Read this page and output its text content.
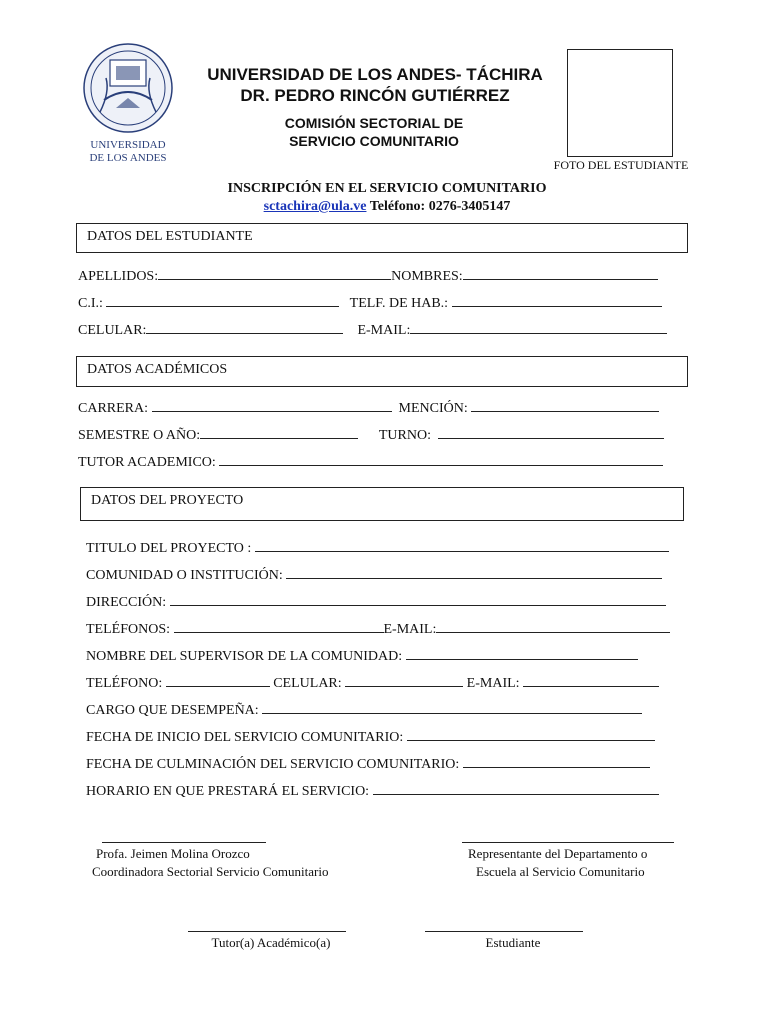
UNIVERSIDAD
DE LOS ANDES
UNIVERSIDAD DE LOS ANDES- TÁCHIRA
DR. PEDRO RINCÓN GUTIÉRREZ
COMISIÓN SECTORIAL DE
SERVICIO COMUNITARIO
FOTO DEL ESTUDIANTE
INSCRIPCIÓN EN EL SERVICIO COMUNITARIO
sctachira@ula.ve Teléfono: 0276-3405147
DATOS DEL ESTUDIANTE
APELLIDOS:	NOMBRES:
C.I.:	TELF. DE HAB.:
CELULAR:	E-MAIL:
DATOS ACADÉMICOS
CARRERA:	MENCIÓN:
SEMESTRE O AÑO:	TURNO:
TUTOR ACADEMICO:
DATOS DEL PROYECTO
TITULO DEL PROYECTO :
COMUNIDAD O INSTITUCIÓN:
DIRECCIÓN:
TELÉFONOS:	E-MAIL:
NOMBRE DEL SUPERVISOR DE LA COMUNIDAD:
TELÉFONO:	CELULAR:	E-MAIL:
CARGO QUE DESEMPEÑA:
FECHA DE INICIO DEL SERVICIO COMUNITARIO:
FECHA DE CULMINACIÓN DEL SERVICIO COMUNITARIO:
HORARIO EN QUE PRESTARÁ EL SERVICIO:
Profa. Jeimen Molina Orozco
Coordinadora Sectorial Servicio Comunitario
Representante del Departamento o
Escuela al Servicio Comunitario
Tutor(a) Académico(a)	Estudiante
